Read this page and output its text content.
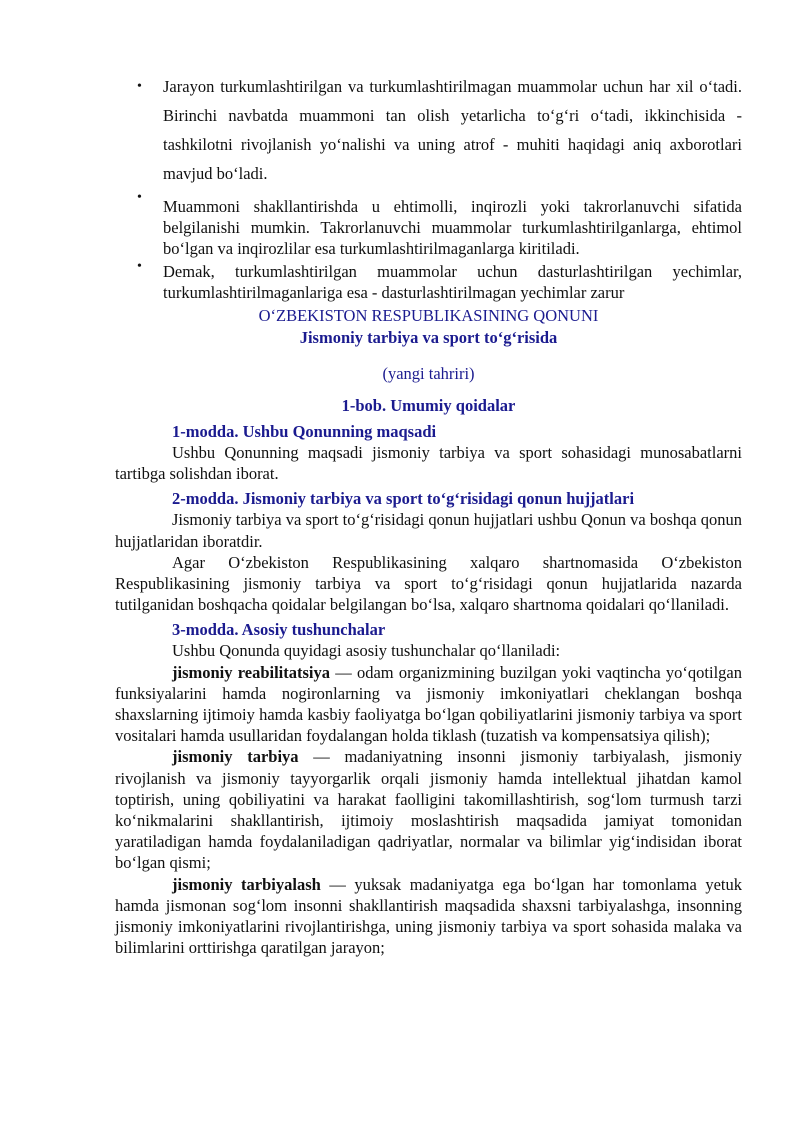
• Jarayon turkumlashtirilgan va turkumlashtirilmagan muammolar uchun har xil o‘tadi. Birinchi navbatda muammoni tan olish yetarlicha to‘g‘ri o‘tadi, ikkinchisida - tashkilotni rivojlanish yo‘nalishi va uning atrof - muhiti haqidagi aniq axborotlari mavjud bo‘ladi.
• Muammoni shakllantirishda u ehtimolli, inqirozli yoki takrorlanuvchi sifatida belgilanishi mumkin. Takrorlanuvchi muammolar turkumlashtirilganlarga, ehtimol bo‘lgan va inqirozlilar esa turkumlashtirilmaganlarga kiritiladi.
• Demak, turkumlashtirilgan muammolar uchun dasturlashtirilgan yechimlar, turkumlashtirilmaganlariga esa - dasturlashtirilmagan yechimlar zarur
O‘ZBEKISTON RESPUBLIKASINING QONUNI
Jismoniy tarbiya va sport to‘g‘risida
(yangi tahriri)
1-bob. Umumiy qoidalar
1-modda. Ushbu Qonunning maqsadi

Ushbu Qonunning maqsadi jismoniy tarbiya va sport sohasidagi munosabatlarni tartibga solishdan iborat.

2-modda. Jismoniy tarbiya va sport to‘g‘risidagi qonun hujjatlari

Jismoniy tarbiya va sport to‘g‘risidagi qonun hujjatlari ushbu Qonun va boshqa qonun hujjatlaridan iboratdir.

Agar O‘zbekiston Respublikasining xalqaro shartnomasida O‘zbekiston Respublikasining jismoniy tarbiya va sport to‘g‘risidagi qonun hujjatlarida nazarda tutilganidan boshqacha qoidalar belgilangan bo‘lsa, xalqaro shartnoma qoidalari qo‘llaniladi.

3-modda. Asosiy tushunchalar

Ushbu Qonunda quyidagi asosiy tushunchalar qo‘llaniladi:

jismoniy reabilitatsiya — odam organizmining buzilgan yoki vaqtincha yo‘qotilgan funksiyalarini hamda nogironlarning va jismoniy imkoniyatlari cheklangan boshqa shaxslarning ijtimoiy hamda kasbiy faoliyatga bo‘lgan qobiliyatlarini jismoniy tarbiya va sport vositalari hamda usullaridan foydalangan holda tiklash (tuzatish va kompensatsiya qilish);

jismoniy tarbiya — madaniyatning insonni jismoniy tarbiyalash, jismoniy rivojlanish va jismoniy tayyorgarlik orqali jismoniy hamda intellektual jihatdan kamol toptirish, uning qobiliyatini va harakat faolligini takomillashtirish, sog‘lom turmush tarzi ko‘nikmalarini shakllantirish, ijtimoiy moslashtirish maqsadida jamiyat tomonidan yaratiladigan hamda foydalaniladigan qadriyatlar, normalar va bilimlar yig‘indisidan iborat bo‘lgan qismi;

jismoniy tarbiyalash — yuksak madaniyatga ega bo‘lgan har tomonlama yetuk hamda jismonan sog‘lom insonni shakllantirish maqsadida shaxsni tarbiyalashga, insonning jismoniy imkoniyatlarini rivojlantirishga, uning jismoniy tarbiya va sport sohasida malaka va bilimlarini orttirishga qaratilgan jarayon;
